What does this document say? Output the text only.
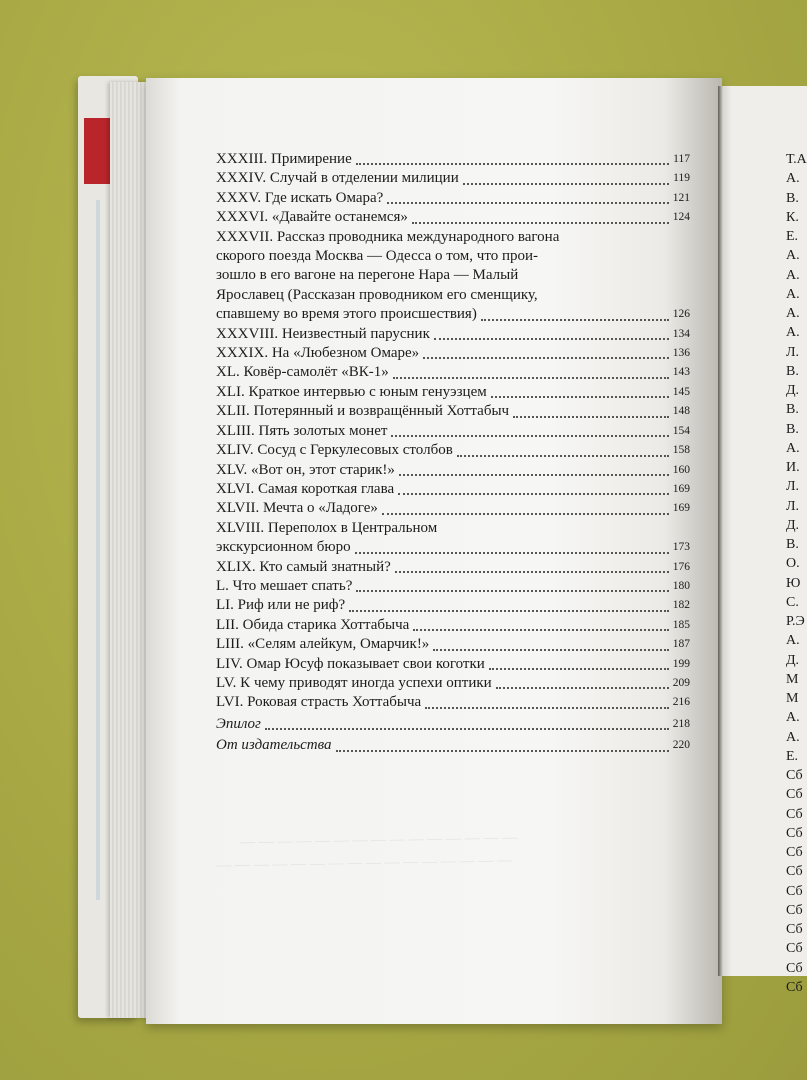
— — — — — — — — — — — — — — —
— — — — — — — — — — — — — — — —
XXXIII. Примирение	117
XXXIV. Случай в отделении милиции	119
XXXV. Где искать Омара?	121
XXXVI. «Давайте останемся»	124
XXXVII. Рассказ проводника международного вагона
скорого поезда Москва — Одесса о том, что прои-
зошло в его вагоне на перегоне Нара — Малый
Ярославец (Рассказан проводником его сменщику,
спавшему во время этого происшествия)	126
XXXVIII. Неизвестный парусник	134
XXXIX. На «Любезном Омаре»	136
XL. Ковёр-самолёт «ВК-1»	143
XLI. Краткое интервью с юным генуэзцем	145
XLII. Потерянный и возвращённый Хоттабыч	148
XLIII. Пять золотых монет	154
XLIV. Сосуд с Геркулесовых столбов	158
XLV. «Вот он, этот старик!»	160
XLVI. Самая короткая глава	169
XLVII. Мечта о «Ладоге»	169
XLVIII. Переполох в Центральном
экскурсионном бюро	173
XLIX. Кто самый знатный?	176
L. Что мешает спать?	180
LI. Риф или не риф?	182
LII. Обида старика Хоттабыча	185
LIII. «Селям алейкум, Омарчик!»	187
LIV. Омар Юсуф показывает свои коготки	199
LV. К чему приводят иногда успехи оптики	209
LVI. Роковая страсть Хоттабыча	216
Эпилог	218
От издательства	220
Т.А
А.
В.
К.
Е.
А.
А.
А.
А.
А.
Л.
В.
Д.
В.
В.
А.
И.
Л.
Л.
Д.
В.
О.
Ю
С.
Р.Э
А.
Д.
М
М
А.
А.
Е.
Сб
Сб
Сб
Сб
Сб
Сб
Сб
Сб
Сб
Сб
Сб
Сб
